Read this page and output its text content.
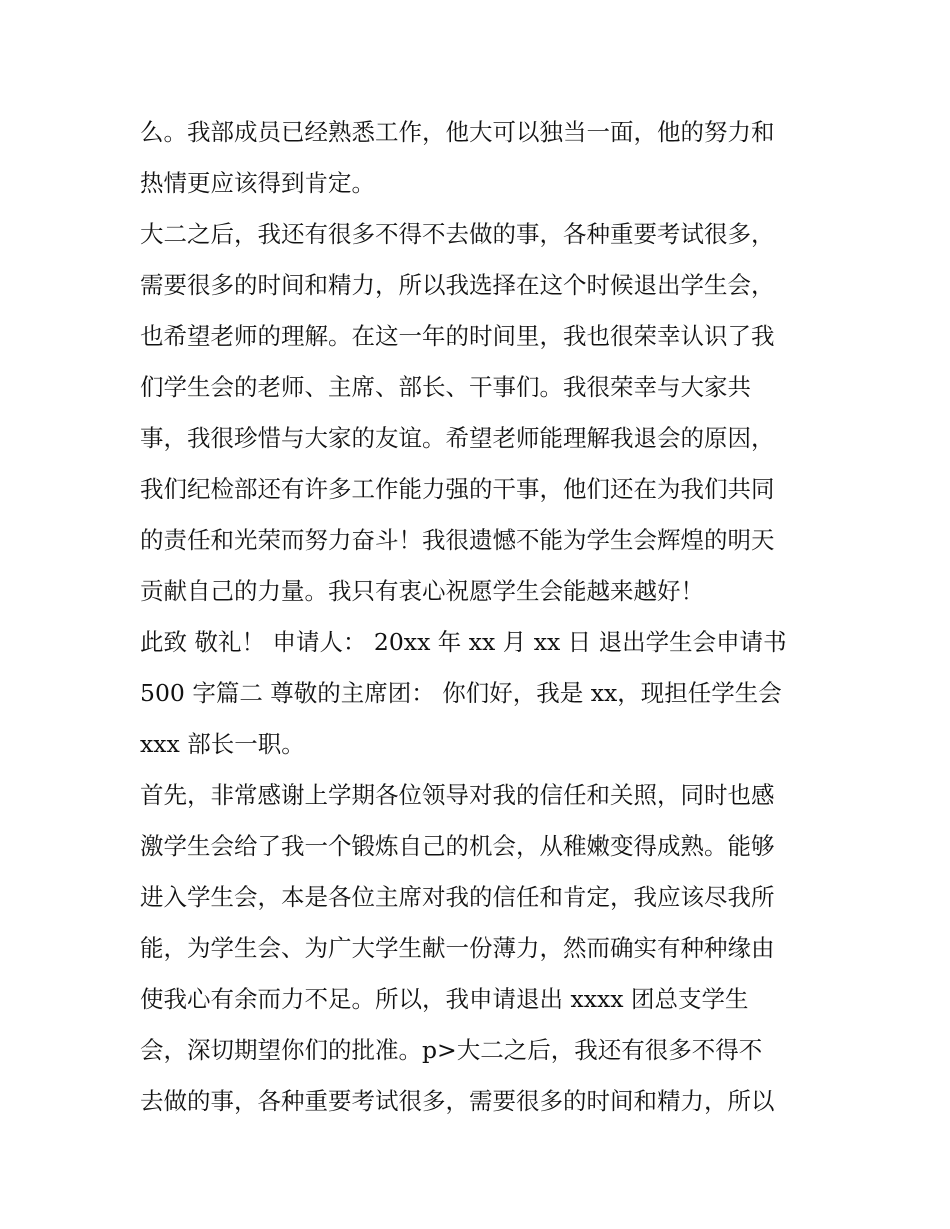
么。我部成员已经熟悉工作，他大可以独当一面，他的努力和
热情更应该得到肯定。
大二之后，我还有很多不得不去做的事，各种重要考试很多，
需要很多的时间和精力，所以我选择在这个时候退出学生会，
也希望老师的理解。在这一年的时间里，我也很荣幸认识了我
们学生会的老师、主席、部长、干事们。我很荣幸与大家共
事，我很珍惜与大家的友谊。希望老师能理解我退会的原因，
我们纪检部还有许多工作能力强的干事，他们还在为我们共同
的责任和光荣而努力奋斗！我很遗憾不能为学生会辉煌的明天
贡献自己的力量。我只有衷心祝愿学生会能越来越好！
此致 敬礼！ 申请人： 20xx 年 xx 月 xx 日 退出学生会申请书
500 字篇二 尊敬的主席团： 你们好，我是 xx，现担任学生会
xxx 部长一职。
首先，非常感谢上学期各位领导对我的信任和关照，同时也感
激学生会给了我一个锻炼自己的机会，从稚嫩变得成熟。能够
进入学生会，本是各位主席对我的信任和肯定，我应该尽我所
能，为学生会、为广大学生献一份薄力，然而确实有种种缘由
使我心有余而力不足。所以，我申请退出 xxxx 团总支学生
会，深切期望你们的批准。p>大二之后，我还有很多不得不
去做的事，各种重要考试很多，需要很多的时间和精力，所以
